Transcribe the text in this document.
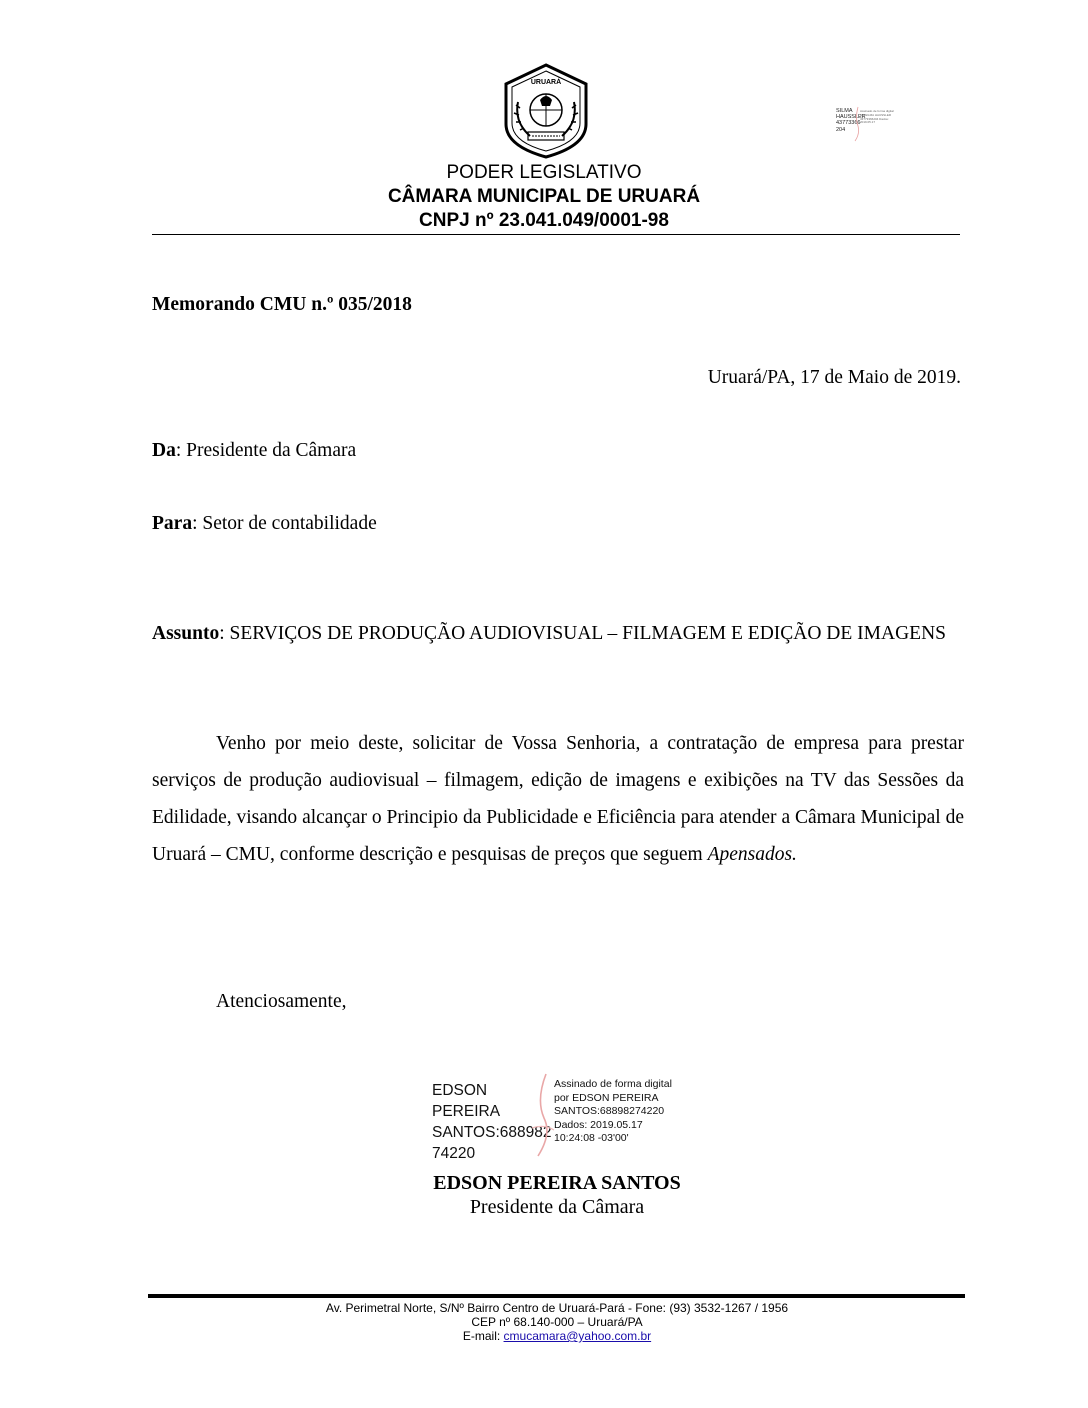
URUARÁ
SILMA
HAUSSLER
43773366
204
Assinado de forma digital por SILMA HAUSSLER 43773366204 Dados: 2019.05.17
PODER LEGISLATIVO
CÂMARA MUNICIPAL DE URUARÁ
CNPJ nº 23.041.049/0001-98
Memorando CMU n.º 035/2018
Uruará/PA, 17 de Maio de 2019.
Da: Presidente da Câmara
Para: Setor de contabilidade
Assunto: SERVIÇOS DE PRODUÇÃO AUDIOVISUAL – FILMAGEM E EDIÇÃO DE IMAGENS
Venho por meio deste, solicitar de Vossa Senhoria, a contratação de empresa para prestar serviços de produção audiovisual – filmagem, edição de imagens e exibições na TV das Sessões da Edilidade, visando alcançar o Principio da Publicidade e Eficiência para atender a Câmara Municipal de Uruará – CMU, conforme descrição e pesquisas de preços que seguem Apensados.
Atenciosamente,
EDSON PEREIRA
SANTOS:688982
74220
Assinado de forma digital
por EDSON PEREIRA
SANTOS:68898274220
Dados: 2019.05.17
10:24:08 -03'00'
EDSON PEREIRA SANTOS
Presidente da Câmara
Av. Perimetral Norte, S/Nº Bairro Centro de Uruará-Pará - Fone: (93) 3532-1267 / 1956
CEP nº 68.140-000 – Uruará/PA
E-mail: cmucamara@yahoo.com.br
